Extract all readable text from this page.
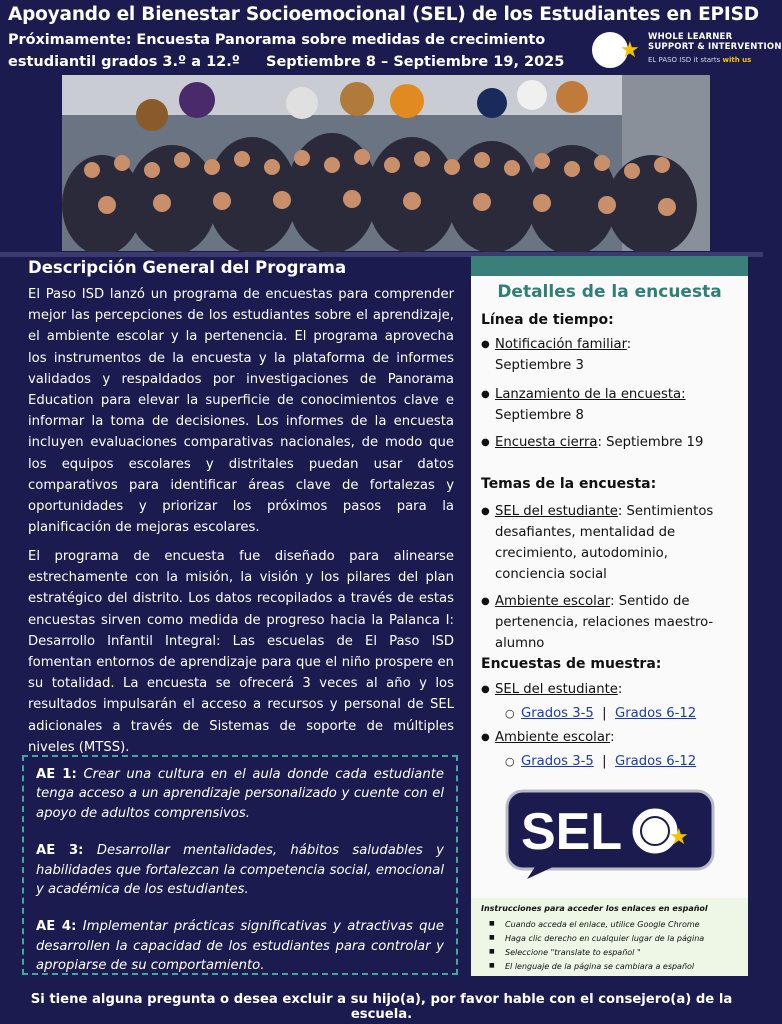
Apoyando el Bienestar Socioemocional (SEL) de los Estudiantes en EPISD
Próximamente: Encuesta Panorama sobre medidas de crecimiento
estudiantil grados 3.º a 12.º Septiembre 8 – Septiembre 19, 2025	★
WHOLE LEARNER
SUPPORT & INTERVENTION
EL PASO ISD it starts with us
Descripción General del Programa

El Paso ISD lanzó un programa de encuestas para comprender mejor las percepciones de los estudiantes sobre el aprendizaje, el ambiente escolar y la pertenencia. El programa aprovecha los instrumentos de la encuesta y la plataforma de informes validados y respaldados por investigaciones de Panorama Education para elevar la superficie de conocimientos clave e informar la toma de decisiones. Los informes de la encuesta incluyen evaluaciones comparativas nacionales, de modo que los equipos escolares y distritales puedan usar datos comparativos para identificar áreas clave de fortalezas y oportunidades y priorizar los próximos pasos para la planificación de mejoras escolares.

El programa de encuesta fue diseñado para alinearse estrechamente con la misión, la visión y los pilares del plan estratégico del distrito. Los datos recopilados a través de estas encuestas sirven como medida de progreso hacia la Palanca I: Desarrollo Infantil Integral: Las escuelas de El Paso ISD fomentan entornos de aprendizaje para que el niño prospere en su totalidad. La encuesta se ofrecerá 3 veces al año y los resultados impulsarán el acceso a recursos y personal de SEL adicionales a través de Sistemas de soporte de múltiples niveles (MTSS).

AE 1: Crear una cultura en el aula donde cada estudiante tenga acceso a un aprendizaje personalizado y cuente con el apoyo de adultos comprensivos.

AE 3: Desarrollar mentalidades, hábitos saludables y habilidades que fortalezcan la competencia social, emocional y académica de los estudiantes.

AE 4: Implementar prácticas significativas y atractivas que desarrollen la capacidad de los estudiantes para controlar y apropiarse de su comportamiento.

Detalles de la encuesta
Línea de tiempo:
● Notificación familiar:
Septiembre 3
● Lanzamiento de la encuesta:
Septiembre 8
● Encuesta cierra: Septiembre 19
Temas de la encuesta:
● SEL del estudiante: Sentimientos desafiantes, mentalidad de crecimiento, autodominio, conciencia social
● Ambiente escolar: Sentido de pertenencia, relaciones maestro-alumno
Encuestas de muestra:
● SEL del estudiante:
○ Grados 3-5  |  Grados 6-12
● Ambiente escolar:
○ Grados 3-5  |  Grados 6-12
SEL ★
Instrucciones para acceder los enlaces en español
■ Cuando acceda el enlace, utilice Google Chrome
■ Haga clic derecho en cualquier lugar de la página
■ Seleccione "translate to español "
■ El lenguaje de la página se cambiara a español
Si tiene alguna pregunta o desea excluir a su hijo(a), por favor hable con el consejero(a) de la escuela.
